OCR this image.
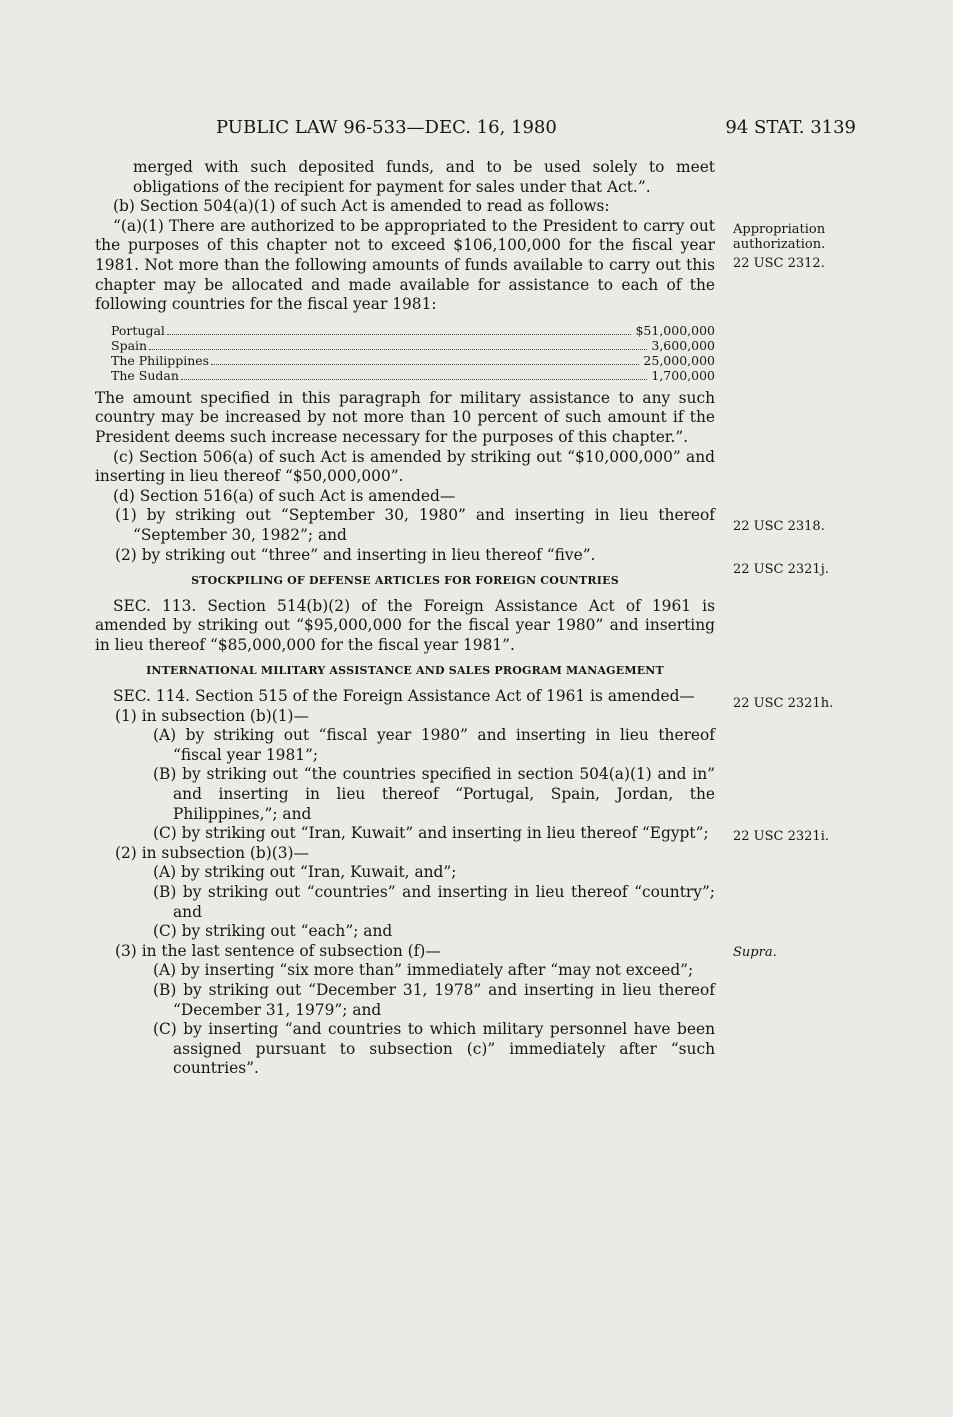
PUBLIC LAW 96-533—DEC. 16, 1980	94 STAT. 3139

merged with such deposited funds, and to be used solely to meet obligations of the recipient for payment for sales under that Act.”.

(b) Section 504(a)(1) of such Act is amended to read as follows:

“(a)(1) There are authorized to be appropriated to the President to carry out the purposes of this chapter not to exceed $106,100,000 for the fiscal year 1981. Not more than the following amounts of funds available to carry out this chapter may be allocated and made available for assistance to each of the following countries for the fiscal year 1981:

Portugal	$51,000,000
Spain	3,600,000
The Philippines	25,000,000
The Sudan	1,700,000

The amount specified in this paragraph for military assistance to any such country may be increased by not more than 10 percent of such amount if the President deems such increase necessary for the purposes of this chapter.”.

(c) Section 506(a) of such Act is amended by striking out “$10,000,000” and inserting in lieu thereof “$50,000,000”.

(d) Section 516(a) of such Act is amended—

(1) by striking out “September 30, 1980” and inserting in lieu thereof “September 30, 1982”; and

(2) by striking out “three” and inserting in lieu thereof “five”.

STOCKPILING OF DEFENSE ARTICLES FOR FOREIGN COUNTRIES

SEC. 113. Section 514(b)(2) of the Foreign Assistance Act of 1961 is amended by striking out “$95,000,000 for the fiscal year 1980” and inserting in lieu thereof “$85,000,000 for the fiscal year 1981”.

INTERNATIONAL MILITARY ASSISTANCE AND SALES PROGRAM MANAGEMENT

SEC. 114. Section 515 of the Foreign Assistance Act of 1961 is amended—

(1) in subsection (b)(1)—

(A) by striking out “fiscal year 1980” and inserting in lieu thereof “fiscal year 1981”;

(B) by striking out “the countries specified in section 504(a)(1) and in” and inserting in lieu thereof “Portugal, Spain, Jordan, the Philippines,”; and

(C) by striking out “Iran, Kuwait” and inserting in lieu thereof “Egypt”;

(2) in subsection (b)(3)—

(A) by striking out “Iran, Kuwait, and”;

(B) by striking out “countries” and inserting in lieu thereof “country”; and

(C) by striking out “each”; and

(3) in the last sentence of subsection (f)—

(A) by inserting “six more than” immediately after “may not exceed”;

(B) by striking out “December 31, 1978” and inserting in lieu thereof “December 31, 1979”; and

(C) by inserting “and countries to which military personnel have been assigned pursuant to subsection (c)” immediately after “such countries”.

Appropriation authorization.
22 USC 2312.
22 USC 2318.
22 USC 2321j.
22 USC 2321h.
22 USC 2321i.
Supra.
